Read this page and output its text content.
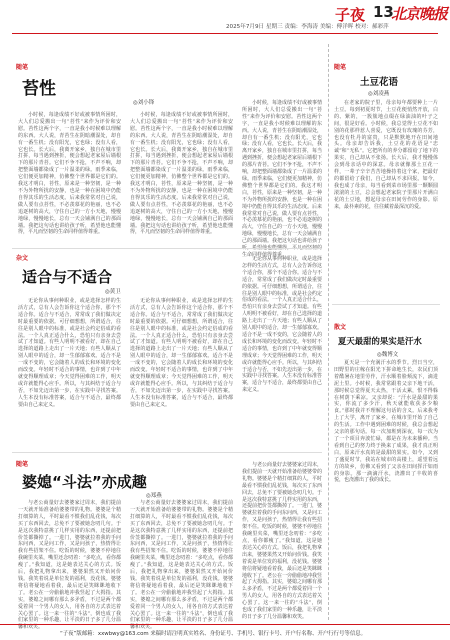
子夜 13
北京晚报
2025年7月9日 星期三 责编：李海涛 美编：傅洋晖 校对：郝彩萍
随笔
苔性
◎刘小锋
小时候，每逢成绩不好或被事情所困时，大人们总爱搬出一句“苔性”来作为评价和安慰。苔性这两个字，一直是我小时候难以理解的东西。大人说，青苔生在阴暗潮湿处，却自有一番生机；没有阳光，它也绿；没有人看，它也长。长大后，我离开家乡，独自在城市里打拼，每当遇到挫折，便会想起老家屋后墙根下的那片青苔。它们不争不抢，不声不响，却把整面墙都染成了一片温柔的绿。雨季来临，它们便更加精神，仿佛整个世界都是它们的。我这才明白，苔性，原来是一种坚韧，是一种不为外物所扰的安静，也是一种在困境中仍能自得其乐的生活态度。后来我常常对自己说，做人要有点苔性，不必羡慕花的艳丽，也不必追逐树的高大，守住自己的一方小天地，慢慢地绿，慢慢地长，总有一天会铺满自己的那面墙。我把这句话也讲给孩子听，希望他也能懂得，平凡而坚韧的生命同样值得尊重。
小时候，每逢成绩不好或被事情所困时，大人们总爱搬出一句“苔性”来作为评价和安慰。苔性这两个字，一直是我小时候难以理解的东西。大人说，青苔生在阴暗潮湿处，却自有一番生机；没有阳光，它也绿；没有人看，它也长。长大后，我离开家乡，独自在城市里打拼，每当遇到挫折，便会想起老家屋后墙根下的那片青苔。它们不争不抢，不声不响，却把整面墙都染成了一片温柔的绿。雨季来临，它们便更加精神，仿佛整个世界都是它们的。我这才明白，苔性，原来是一种坚韧，是一种不为外物所扰的安静，也是一种在困境中仍能自得其乐的生活态度。后来我常常对自己说，做人要有点苔性，不必羡慕花的艳丽，也不必追逐树的高大，守住自己的一方小天地，慢慢地绿，慢慢地长，总有一天会铺满自己的那面墙。我把这句话也讲给孩子听，希望他也能懂得，平凡而坚韧的生命同样值得尊重。
小时候，每逢成绩不好或被事情所困时，大人们总爱搬出一句“苔性”来作为评价和安慰。苔性这两个字，一直是我小时候难以理解的东西。大人说，青苔生在阴暗潮湿处，却自有一番生机；没有阳光，它也绿；没有人看，它也长。长大后，我离开家乡，独自在城市里打拼，每当遇到挫折，便会想起老家屋后墙根下的那片青苔。它们不争不抢，不声不响，却把整面墙都染成了一片温柔的绿。雨季来临，它们便更加精神，仿佛整个世界都是它们的。我这才明白，苔性，原来是一种坚韧，是一种不为外物所扰的安静，也是一种在困境中仍能自得其乐的生活态度。后来我常常对自己说，做人要有点苔性，不必羡慕花的艳丽，也不必追逐树的高大，守住自己的一方小天地，慢慢地绿，慢慢地长，总有一天会铺满自己的那面墙。我把这句话也讲给孩子听，希望他也能懂得，平凡而坚韧的生命同样值得尊重。
杂文
适合与不适合
◎黄卫
无论你从事何种职业，或是选择怎样的生活方式，总有人会告诉你这个适合你，那个不适合你。适合与不适合，常常成了我们做决定时最重要的依据。可仔细想想，所谓适合，往往是别人眼中的标准，或是社会约定俗成的看法。一个人真正适合什么，恐怕只有亲身去尝试了才知道。有些人明明不被看好，却在自己选择的道路上走出了一片天地；有些人顺从了别人眼中的适合，却一生郁郁寡欢。适合不是一成不变的，它会随着人的成长和环境的变化而改变。年轻时不适合的事情，也许到了中年就变得顺理成章；今天觉得困难的工作，明天或许就能得心应手。所以，与其纠结于适合与否，不如先迈出第一步，在实践中寻找答案。人生本没有标准答案，适合与不适合，最终都要由自己来定义。
无论你从事何种职业，或是选择怎样的生活方式，总有人会告诉你这个适合你，那个不适合你。适合与不适合，常常成了我们做决定时最重要的依据。可仔细想想，所谓适合，往往是别人眼中的标准，或是社会约定俗成的看法。一个人真正适合什么，恐怕只有亲身去尝试了才知道。有些人明明不被看好，却在自己选择的道路上走出了一片天地；有些人顺从了别人眼中的适合，却一生郁郁寡欢。适合不是一成不变的，它会随着人的成长和环境的变化而改变。年轻时不适合的事情，也许到了中年就变得顺理成章；今天觉得困难的工作，明天或许就能得心应手。所以，与其纠结于适合与否，不如先迈出第一步，在实践中寻找答案。人生本没有标准答案，适合与不适合，最终都要由自己来定义。
无论你从事何种职业，或是选择怎样的生活方式，总有人会告诉你这个适合你，那个不适合你。适合与不适合，常常成了我们做决定时最重要的依据。可仔细想想，所谓适合，往往是别人眼中的标准，或是社会约定俗成的看法。一个人真正适合什么，恐怕只有亲身去尝试了才知道。有些人明明不被看好，却在自己选择的道路上走出了一片天地；有些人顺从了别人眼中的适合，却一生郁郁寡欢。适合不是一成不变的，它会随着人的成长和环境的变化而改变。年轻时不适合的事情，也许到了中年就变得顺理成章；今天觉得困难的工作，明天或许就能得心应手。所以，与其纠结于适合与否，不如先迈出第一步，在实践中寻找答案。人生本没有标准答案，适合与不适合，最终都要由自己来定义。
随笔
婆媳“斗法”亦成趣
◎郑燕
与老公商量好去婆婆家过周末，我们提前一天就开始准备给婆婆带的礼物。婆婆是个精打细算的人，平时最看不惯我们乱花钱，每次买了东西回去，总免不了要被她念叨几句。于是这次我特意挑了几样实用的东西，还提前把价签都撕掉了。一进门，婆婆就拉着我的手问东问西，又是问工作，又是问孩子，热情得让我有些招架不住。吃饭的时候，婆婆不停地往我碗里夹菜，嘴里还念叨着：“多吃点，看你都瘦了。”我知道，这是她表达关心的方式。饭后，我把礼物拿出来，婆婆果然又开始问价钱。我笑着说是单位发的福利，没花钱。婆婆将信将疑地看着我，最后还是笑眯眯地收下了。老公在一旁偷偷地冲我竖起了大拇指。其实，婆媳之间哪有那么多矛盾，不过是两个都爱着同一个男人的女人，用各自的方式表达着关心罢了。这一来一往的“斗法”，倒也成了我们家里的一种乐趣，让平淡的日子多了几分温馨和欢笑。
与老公商量好去婆婆家过周末，我们提前一天就开始准备给婆婆带的礼物。婆婆是个精打细算的人，平时最看不惯我们乱花钱，每次买了东西回去，总免不了要被她念叨几句。于是这次我特意挑了几样实用的东西，还提前把价签都撕掉了。一进门，婆婆就拉着我的手问东问西，又是问工作，又是问孩子，热情得让我有些招架不住。吃饭的时候，婆婆不停地往我碗里夹菜，嘴里还念叨着：“多吃点，看你都瘦了。”我知道，这是她表达关心的方式。饭后，我把礼物拿出来，婆婆果然又开始问价钱。我笑着说是单位发的福利，没花钱。婆婆将信将疑地看着我，最后还是笑眯眯地收下了。老公在一旁偷偷地冲我竖起了大拇指。其实，婆媳之间哪有那么多矛盾，不过是两个都爱着同一个男人的女人，用各自的方式表达着关心罢了。这一来一往的“斗法”，倒也成了我们家里的一种乐趣，让平淡的日子多了几分温馨和欢笑。
与老公商量好去婆婆家过周末，我们提前一天就开始准备给婆婆带的礼物。婆婆是个精打细算的人，平时最看不惯我们乱花钱，每次买了东西回去，总免不了要被她念叨几句。于是这次我特意挑了几样实用的东西，还提前把价签都撕掉了。一进门，婆婆就拉着我的手问东问西，又是问工作，又是问孩子，热情得让我有些招架不住。吃饭的时候，婆婆不停地往我碗里夹菜，嘴里还念叨着：“多吃点，看你都瘦了。”我知道，这是她表达关心的方式。饭后，我把礼物拿出来，婆婆果然又开始问价钱。我笑着说是单位发的福利，没花钱。婆婆将信将疑地看着我，最后还是笑眯眯地收下了。老公在一旁偷偷地冲我竖起了大拇指。其实，婆媳之间哪有那么多矛盾，不过是两个都爱着同一个男人的女人，用各自的方式表达着关心罢了。这一来一往的“斗法”，倒也成了我们家里的一种乐趣，让平淡的日子多了几分温馨和欢笑。
随笔
土豆花语
◎刘凌燕
在老家的院子里，母亲每年都要种上一片土豆。每到初夏时节，土豆花便悄然开放，白的、紫的，一簇簇地点缀在绿油油的叶子之间，很是好看。小时候，我总觉得土豆花不如别的花那样惹人喜爱，它既没有玫瑰的芬芳，也没有牡丹的富贵，只是默默地开在田间地头。母亲却告诉我，土豆花的花语是“忠诚”和“无私”。它把所有的养分都留给了地下的果实，自己却从不张扬。长大后，我才慢慢体会到母亲话中的深意。母亲就像那土豆花一样，一辈子辛辛苦苦地操持着这个家，把最好的都留给了我们，自己却从不求回报。如今，我也成了母亲，每当看到菜市场里那一颗颗圆滚滚的土豆，总会想起老家院子里那片开满白花的土豆地，想起母亲在田间劳作的身影。原来，最朴素的花，往往藏着最深沉的爱。
散文
夏天最甜的果实是汗水
◎魏博文
夏天是一个充满汗水的季节。烈日当空，田野里的庄稼在阳光下拼命地生长，农民们顶着酷暑在地里劳作，汗水顺着脸颊流下，滴进泥土里。小时候，我常常跟着父亲下地干活，那时候总觉得夏天太热，干活太累，恨不得躲在树荫下乘凉。父亲却说：“汗水是最甜的果实，你流了多少汗，秋天就能收获多少粮食。”那时我并不理解这句话的含义。后来我考上了大学，离开了家乡，在城市里开始了自己的生活。工作中遇到困难的时候，我总会想起父亲的那句话。每一次加班到深夜，每一次为了一个项目奔波忙碌，都是在为未来播种。当看到自己的努力终于换来了成果，我才真正明白，原来汗水真的是最甜的果实。如今，又到了盛夏时节，我站在城市的高楼上，遥望着远方的故乡，仿佛又看到了父亲在田间挥汗如雨的身影。那一滴滴汗水，浇灌出了丰收的喜悦，也浇灌出了我的成长。
“子夜”版邮箱：xxwbwy@163.com 来稿时请注明真实姓名、身份证号、手机号、银行卡号、开户行名称、开户行行号等信息。
